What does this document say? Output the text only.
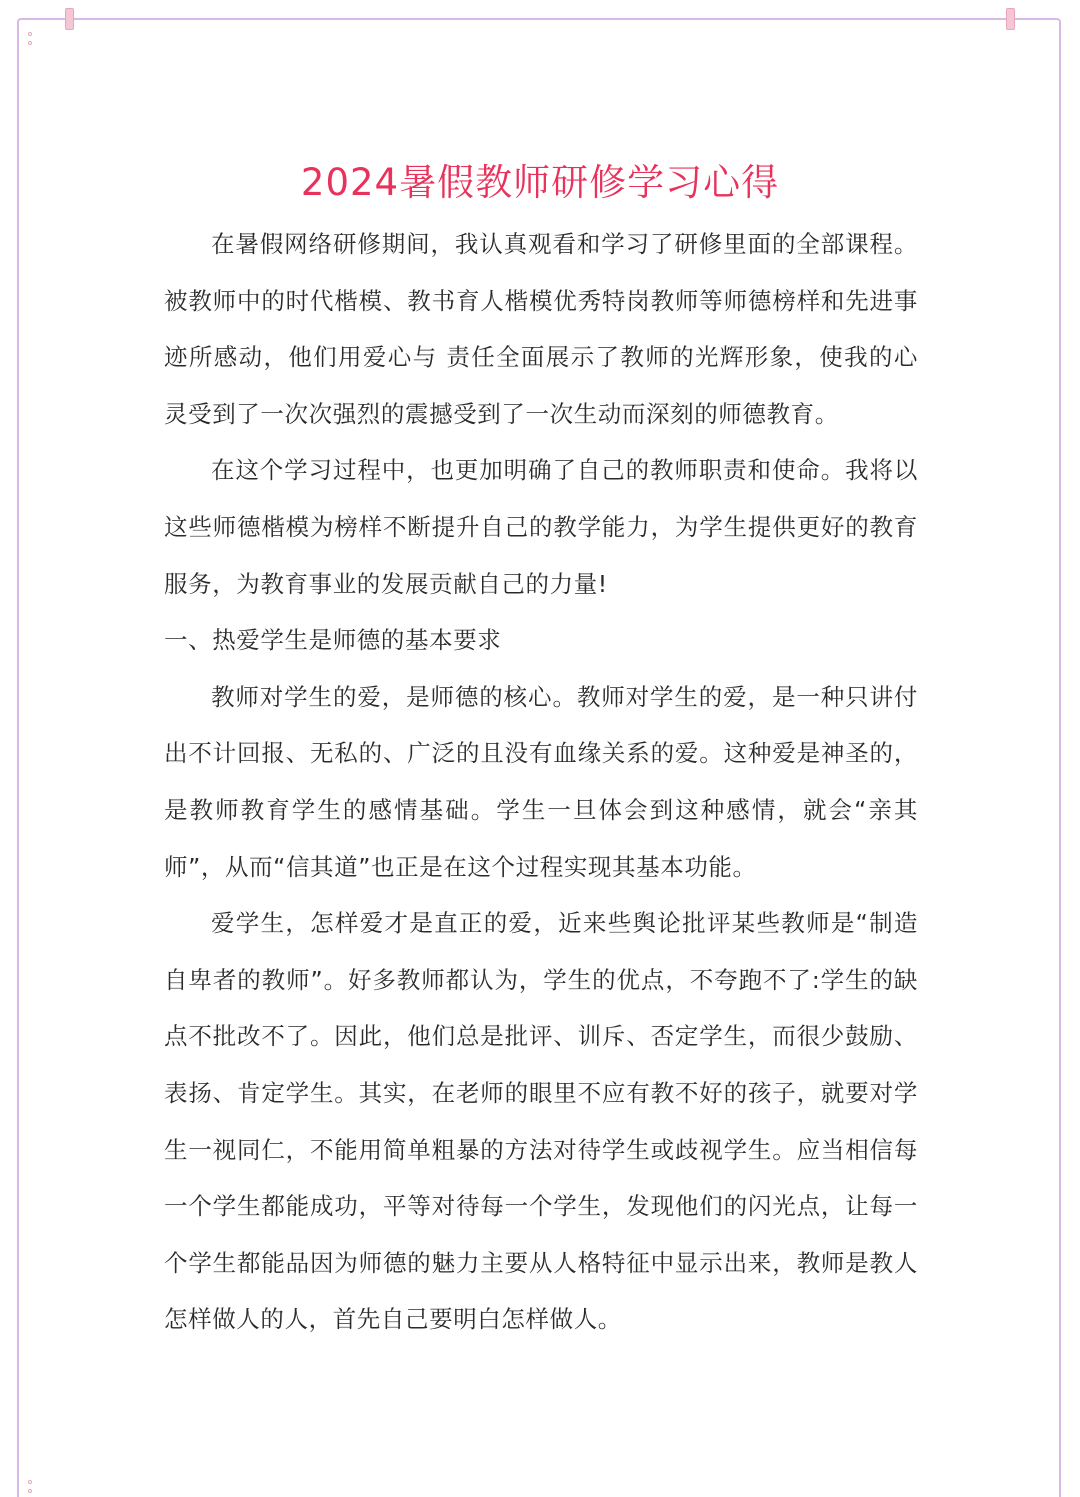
2024暑假教师研修学习心得

在暑假网络研修期间，我认真观看和学习了研修里面的全部课程。被教师中的时代楷模、教书育人楷模优秀特岗教师等师德榜样和先进事迹所感动，他们用爱心与 责任全面展示了教师的光辉形象，使我的心灵受到了一次次强烈的震撼受到了一次生动而深刻的师德教育。

在这个学习过程中，也更加明确了自己的教师职责和使命。我将以这些师德楷模为榜样不断提升自己的教学能力，为学生提供更好的教育服务，为教育事业的发展贡献自己的力量!

一、热爱学生是师德的基本要求

教师对学生的爱，是师德的核心。教师对学生的爱，是一种只讲付出不计回报、无私的、广泛的且没有血缘关系的爱。这种爱是神圣的，是教师教育学生的感情基础。学生一旦体会到这种感情，就会“亲其师”，从而“信其道”也正是在这个过程实现其基本功能。

爱学生，怎样爱才是直正的爱，近来些舆论批评某些教师是“制造自卑者的教师”。好多教师都认为，学生的优点，不夸跑不了:学生的缺点不批改不了。因此，他们总是批评、训斥、否定学生，而很少鼓励、表扬、肯定学生。其实，在老师的眼里不应有教不好的孩子，就要对学生一视同仁，不能用简单粗暴的方法对待学生或歧视学生。应当相信每一个学生都能成功，平等对待每一个学生，发现他们的闪光点，让每一个学生都能品因为师德的魅力主要从人格特征中显示出来，教师是教人怎样做人的人，首先自己要明白怎样做人。
